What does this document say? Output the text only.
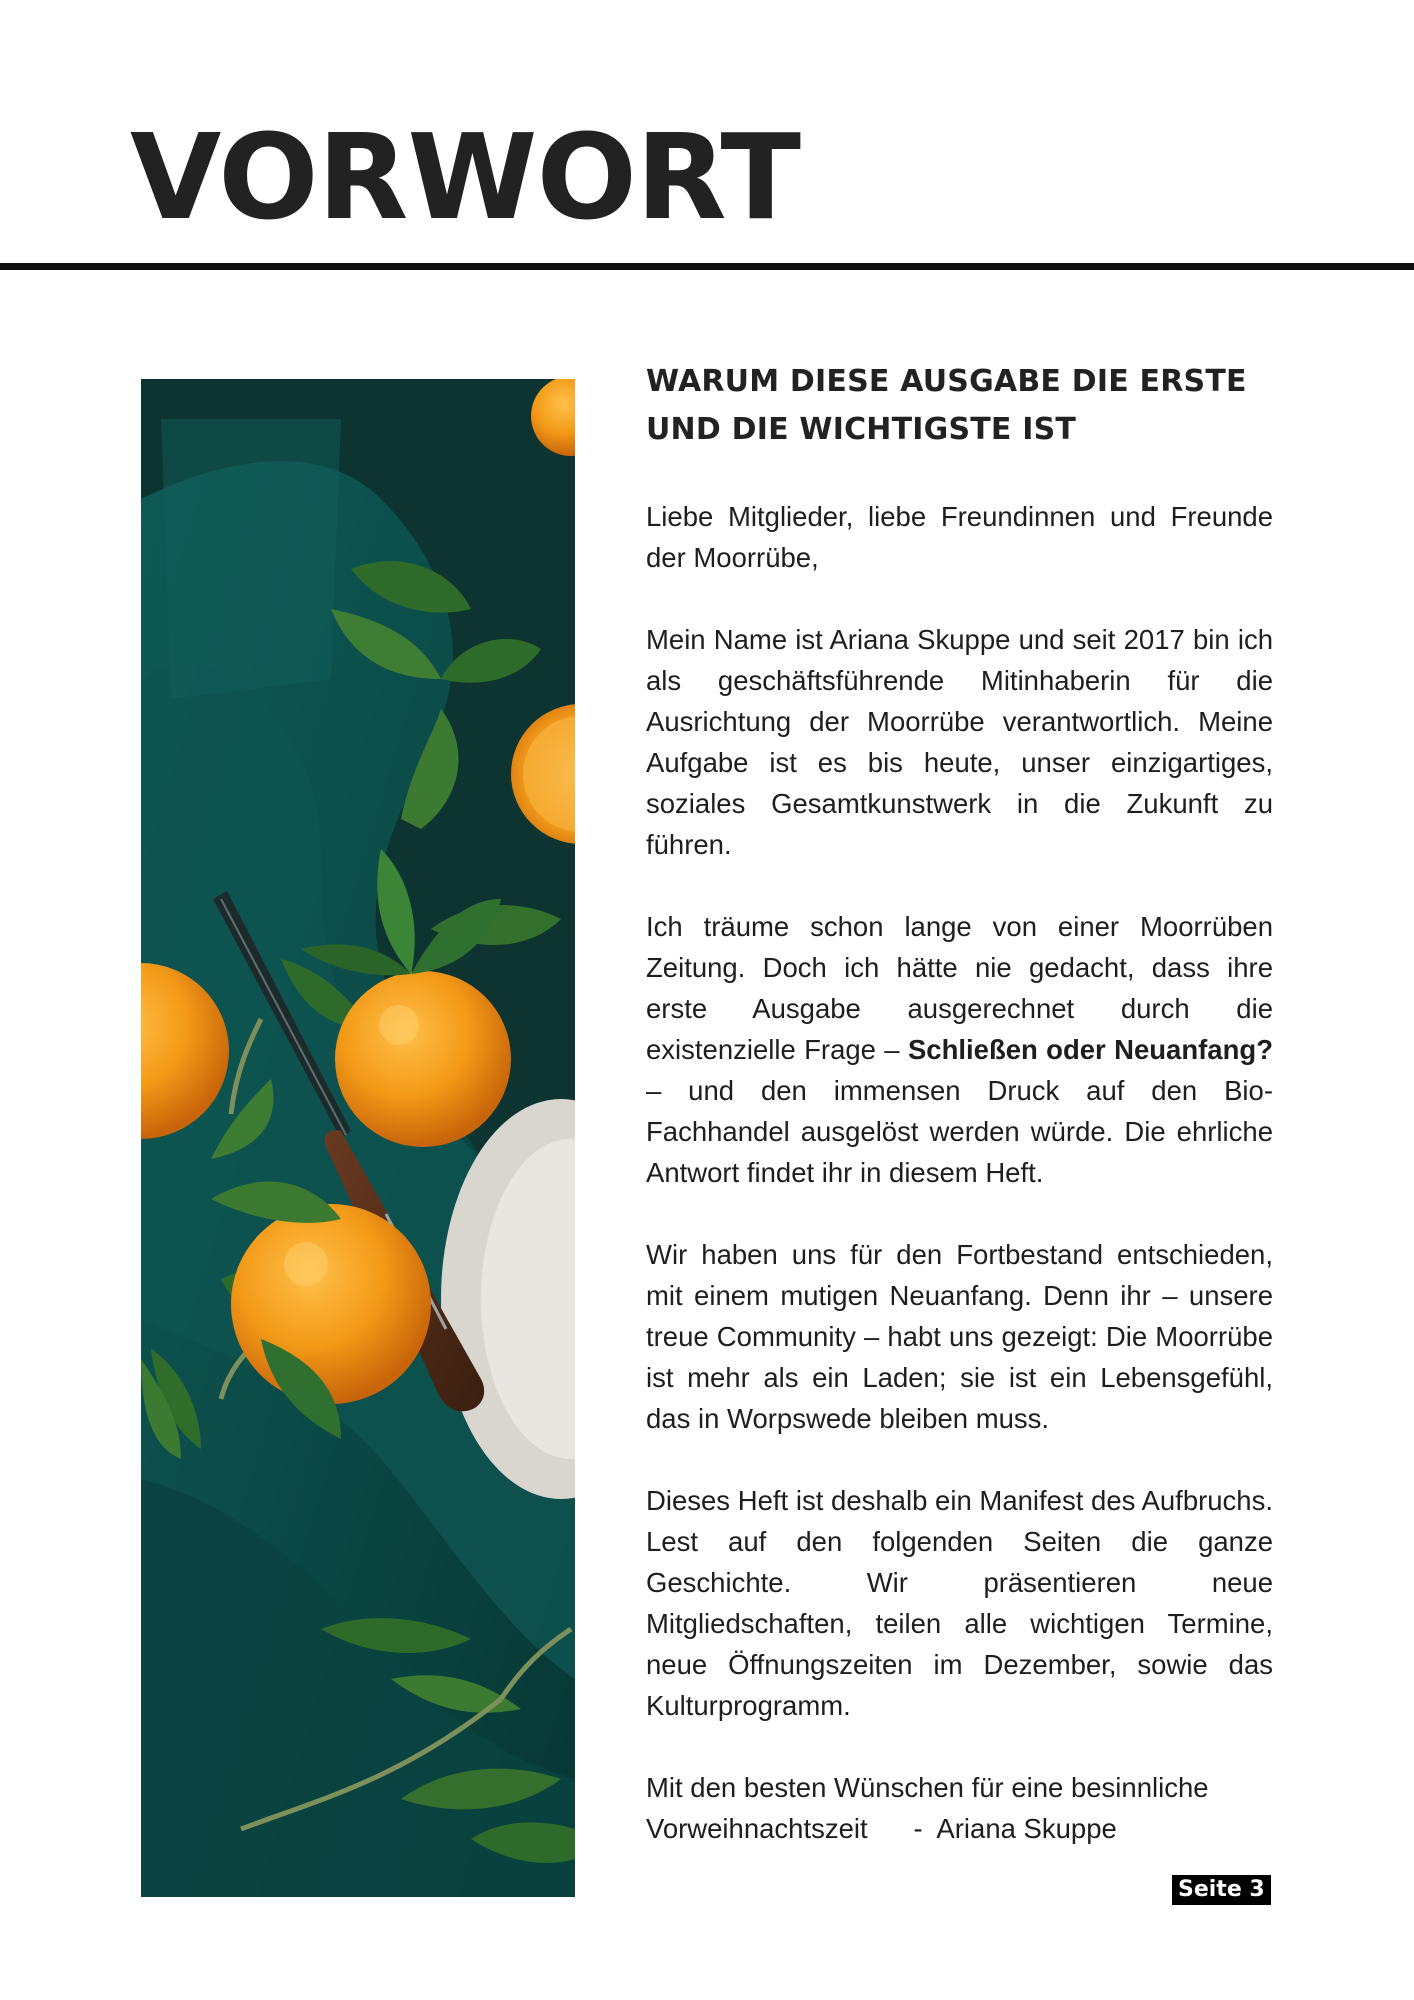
VORWORT
WARUM DIESE AUSGABE DIE ERSTE
UND DIE WICHTIGSTE IST

Liebe Mitglieder, liebe Freundinnen und Freunde der Moorrübe,

Mein Name ist Ariana Skuppe und seit 2017 bin ich als geschäftsführende Mitinhaberin für die Ausrichtung der Moorrübe verantwortlich. Meine Aufgabe ist es bis heute, unser einzigartiges, soziales Gesamtkunstwerk in die Zukunft zu führen.

Ich träume schon lange von einer Moorrüben Zeitung. Doch ich hätte nie gedacht, dass ihre erste Ausgabe ausgerechnet durch die existenzielle Frage – Schließen oder Neuanfang? – und den immensen Druck auf den Bio-Fachhandel ausgelöst werden würde. Die ehrliche Antwort findet ihr in diesem Heft.

Wir haben uns für den Fortbestand entschieden, mit einem mutigen Neuanfang. Denn ihr – unsere treue Community – habt uns gezeigt: Die Moorrübe ist mehr als ein Laden; sie ist ein Lebensgefühl, das in Worpswede bleiben muss.

Dieses Heft ist deshalb ein Manifest des Aufbruchs. Lest auf den folgenden Seiten die ganze Geschichte. Wir präsentieren neue Mitgliedschaften, teilen alle wichtigen Termine, neue Öffnungszeiten im Dezember, sowie das Kulturprogramm.

Mit den besten Wünschen für eine besinnliche

Vorweihnachtszeit      -  Ariana Skuppe

Seite 3
